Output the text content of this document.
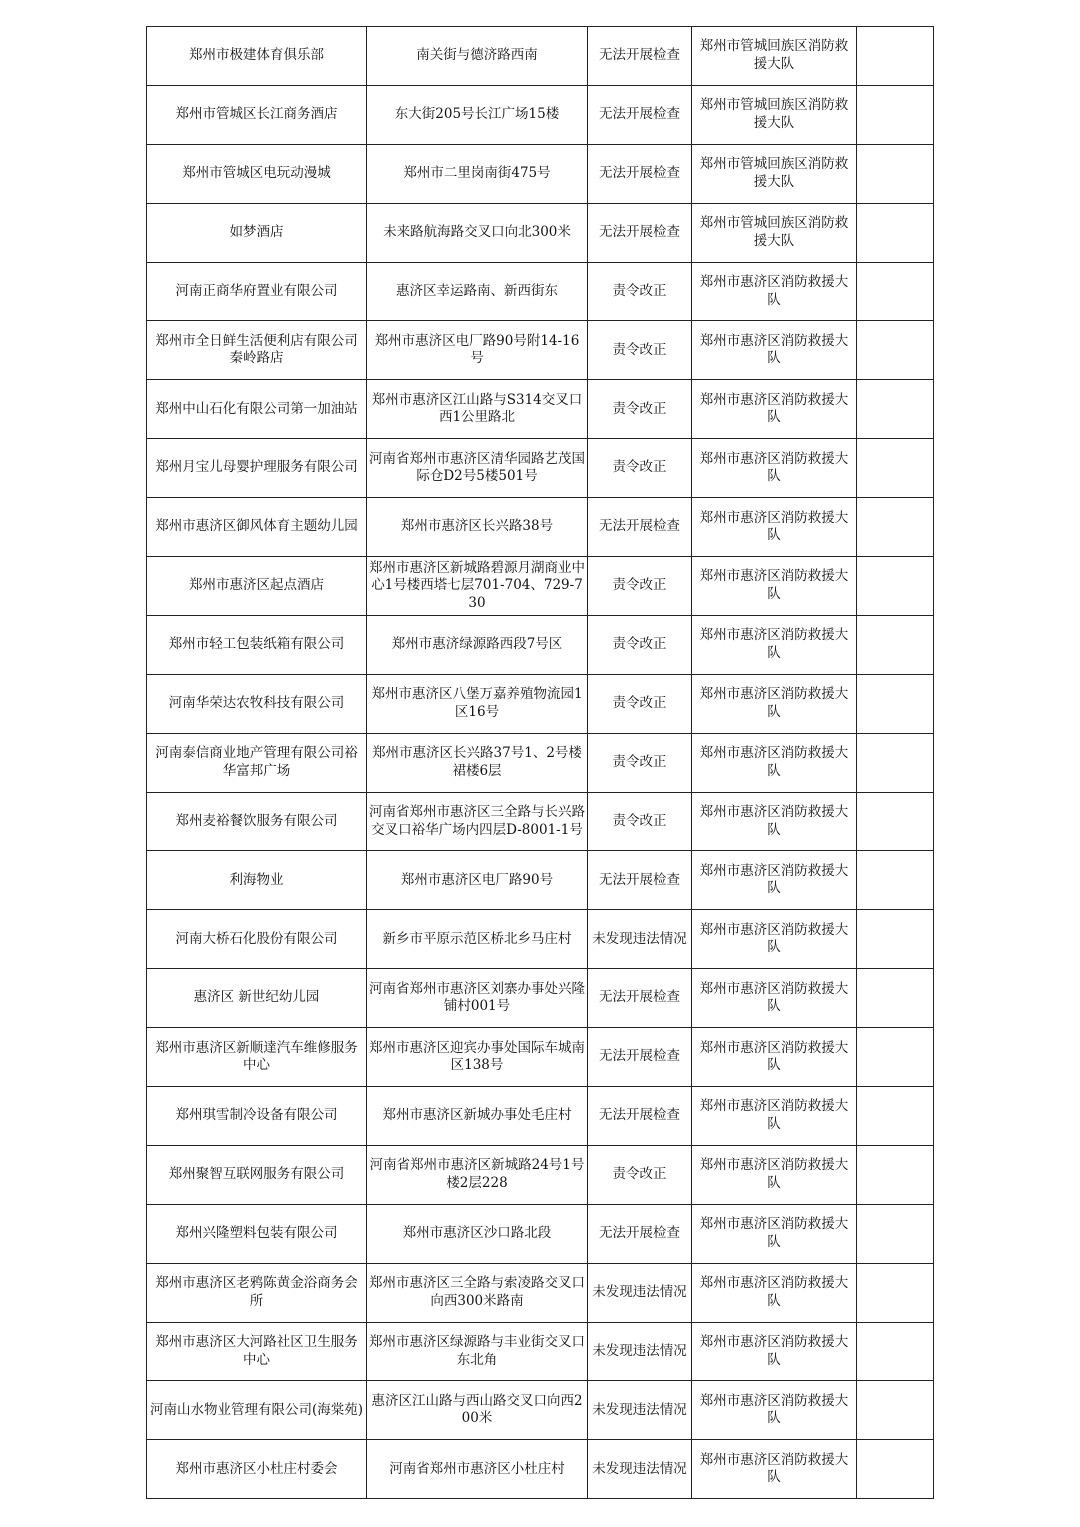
郑州市极建体育俱乐部	南关街与德济路西南	无法开展检查	郑州市管城回族区消防救援大队	
郑州市管城区长江商务酒店	东大街205号长江广场15楼	无法开展检查	郑州市管城回族区消防救援大队	
郑州市管城区电玩动漫城	郑州市二里岗南街475号	无法开展检查	郑州市管城回族区消防救援大队	
如梦酒店	未来路航海路交叉口向北300米	无法开展检查	郑州市管城回族区消防救援大队	
河南正商华府置业有限公司	惠济区幸运路南、新西街东	责令改正	郑州市惠济区消防救援大队	
郑州市全日鲜生活便利店有限公司秦岭路店	郑州市惠济区电厂路90号附14-16号	责令改正	郑州市惠济区消防救援大队	
郑州中山石化有限公司第一加油站	郑州市惠济区江山路与S314交叉口西1公里路北	责令改正	郑州市惠济区消防救援大队	
郑州月宝儿母婴护理服务有限公司	河南省郑州市惠济区清华园路艺茂国际仓D2号5楼501号	责令改正	郑州市惠济区消防救援大队	
郑州市惠济区御风体育主题幼儿园	郑州市惠济区长兴路38号	无法开展检查	郑州市惠济区消防救援大队	
郑州市惠济区起点酒店	郑州市惠济区新城路碧源月湖商业中心1号楼西塔七层701-704、729-730	责令改正	郑州市惠济区消防救援大队	
郑州市轻工包装纸箱有限公司	郑州市惠济绿源路西段7号区	责令改正	郑州市惠济区消防救援大队	
河南华荣达农牧科技有限公司	郑州市惠济区八堡万嘉养殖物流园1区16号	责令改正	郑州市惠济区消防救援大队	
河南泰信商业地产管理有限公司裕华富邦广场	郑州市惠济区长兴路37号1、2号楼裙楼6层	责令改正	郑州市惠济区消防救援大队	
郑州麦裕餐饮服务有限公司	河南省郑州市惠济区三全路与长兴路交叉口裕华广场内四层D-8001-1号	责令改正	郑州市惠济区消防救援大队	
利海物业	郑州市惠济区电厂路90号	无法开展检查	郑州市惠济区消防救援大队	
河南大桥石化股份有限公司	新乡市平原示范区桥北乡马庄村	未发现违法情况	郑州市惠济区消防救援大队	
惠济区 新世纪幼儿园	河南省郑州市惠济区刘寨办事处兴隆铺村001号	无法开展检查	郑州市惠济区消防救援大队	
郑州市惠济区新顺達汽车维修服务中心	郑州市惠济区迎宾办事处国际车城南区138号	无法开展检查	郑州市惠济区消防救援大队	
郑州琪雪制冷设备有限公司	郑州市惠济区新城办事处毛庄村	无法开展检查	郑州市惠济区消防救援大队	
郑州聚智互联网服务有限公司	河南省郑州市惠济区新城路24号1号楼2层228	责令改正	郑州市惠济区消防救援大队	
郑州兴隆塑料包装有限公司	郑州市惠济区沙口路北段	无法开展检查	郑州市惠济区消防救援大队	
郑州市惠济区老鸦陈黄金浴商务会所	郑州市惠济区三全路与索凌路交叉口向西300米路南	未发现违法情况	郑州市惠济区消防救援大队	
郑州市惠济区大河路社区卫生服务中心	郑州市惠济区绿源路与丰业街交叉口东北角	未发现违法情况	郑州市惠济区消防救援大队	
河南山水物业管理有限公司(海棠苑)	惠济区江山路与西山路交叉口向西200米	未发现违法情况	郑州市惠济区消防救援大队	
郑州市惠济区小杜庄村委会	河南省郑州市惠济区小杜庄村	未发现违法情况	郑州市惠济区消防救援大队	
